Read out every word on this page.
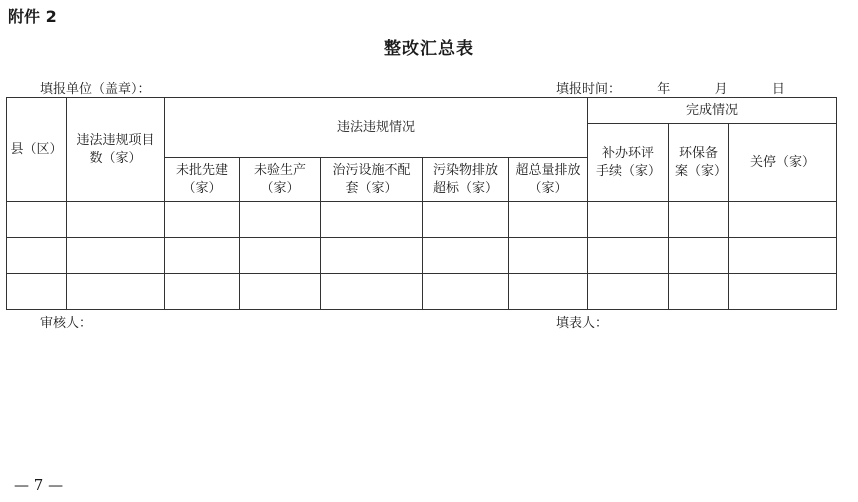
附件 2
整改汇总表
填报单位（盖章）：	填报时间：	年	月	日
县（区）	违法违规项目数（家）	违法违规情况					完成情况		

							补办环评手续（家）	环保备案（家）	关停（家）

		未批先建（家）	未验生产（家）	治污设施不配套（家）	污染物排放超标（家）	超总量排放（家）			

审核人：	填表人：
— 7 —
